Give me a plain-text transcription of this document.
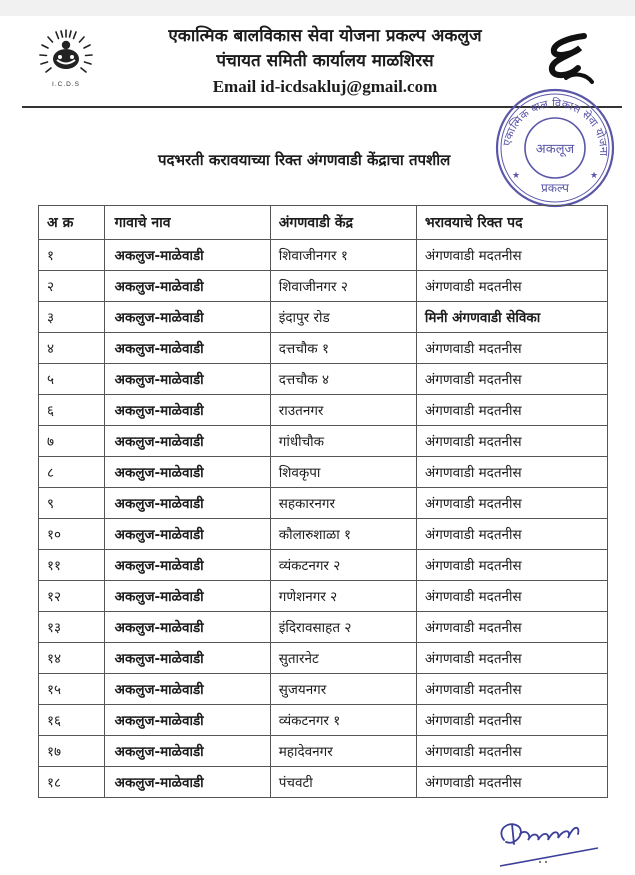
I.C.D.S
एकात्मिक बालविकास सेवा योजना प्रकल्प अकलुज
पंचायत समिती कार्यालय माळशिरस
Email id-icdsakluj@gmail.com
एकात्मिक बाल विकास सेवा योजना
अकलूज
प्रकल्प
★	★
पदभरती करावयाच्या रिक्त अंगणवाडी केंद्राचा तपशील
अ क्र	गावाचे नाव	अंगणवाडी केंद्र	भरावयाचे रिक्त पद
१	अकलुज-माळेवाडी	शिवाजीनगर १	अंगणवाडी मदतनीस
२	अकलुज-माळेवाडी	शिवाजीनगर २	अंगणवाडी मदतनीस
३	अकलुज-माळेवाडी	इंदापुर रोड	मिनी अंगणवाडी सेविका
४	अकलुज-माळेवाडी	दत्तचौक १	अंगणवाडी मदतनीस
५	अकलुज-माळेवाडी	दत्तचौक ४	अंगणवाडी मदतनीस
६	अकलुज-माळेवाडी	राउतनगर	अंगणवाडी मदतनीस
७	अकलुज-माळेवाडी	गांधीचौक	अंगणवाडी मदतनीस
८	अकलुज-माळेवाडी	शिवकृपा	अंगणवाडी मदतनीस
९	अकलुज-माळेवाडी	सहकारनगर	अंगणवाडी मदतनीस
१०	अकलुज-माळेवाडी	कौलारुशाळा १	अंगणवाडी मदतनीस
११	अकलुज-माळेवाडी	व्यंकटनगर २	अंगणवाडी मदतनीस
१२	अकलुज-माळेवाडी	गणेशनगर २	अंगणवाडी मदतनीस
१३	अकलुज-माळेवाडी	इंदिरावसाहत २	अंगणवाडी मदतनीस
१४	अकलुज-माळेवाडी	सुतारनेट	अंगणवाडी मदतनीस
१५	अकलुज-माळेवाडी	सुजयनगर	अंगणवाडी मदतनीस
१६	अकलुज-माळेवाडी	व्यंकटनगर १	अंगणवाडी मदतनीस
१७	अकलुज-माळेवाडी	महादेवनगर	अंगणवाडी मदतनीस
१८	अकलुज-माळेवाडी	पंचवटी	अंगणवाडी मदतनीस
